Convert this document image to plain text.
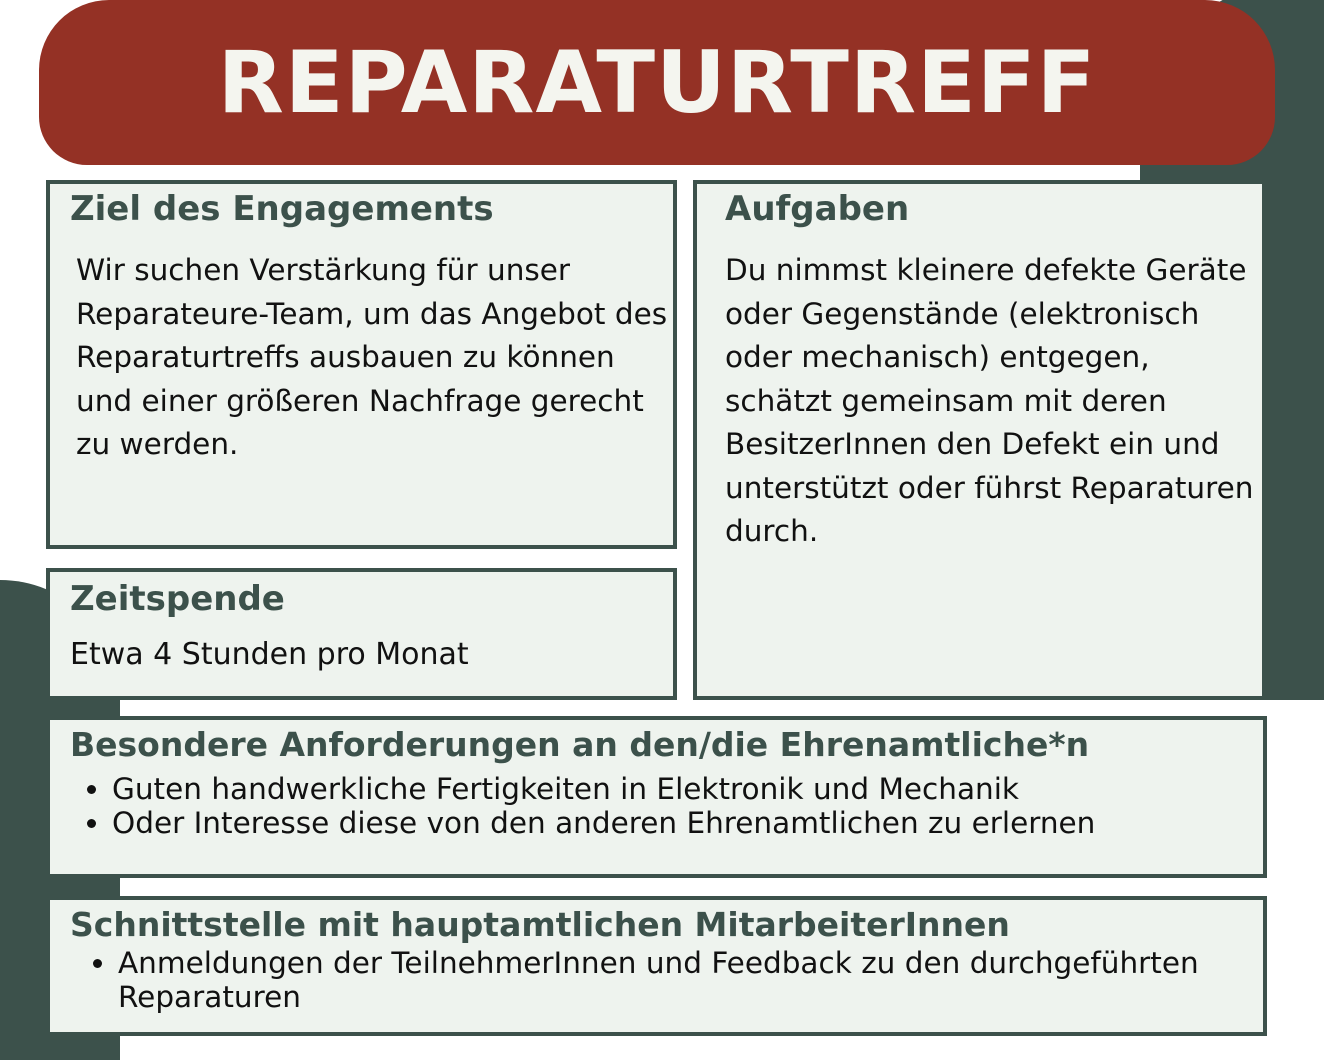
REPARATURTREFF
Ziel des Engagements

Wir suchen Verstärkung für unser Reparateure-Team, um das Angebot des Reparaturtreffs ausbauen zu können und einer größeren Nachfrage gerecht zu werden.

Aufgaben

Du nimmst kleinere defekte Geräte oder Gegenstände (elektronisch oder mechanisch) entgegen, schätzt gemeinsam mit deren BesitzerInnen den Defekt ein und unterstützt oder führst Reparaturen durch.

Zeitspende

Etwa 4 Stunden pro Monat

Besondere Anforderungen an den/die Ehrenamtliche*n
• Guten handwerkliche Fertigkeiten in Elektronik und Mechanik
• Oder Interesse diese von den anderen Ehrenamtlichen zu erlernen
Schnittstelle mit hauptamtlichen MitarbeiterInnen
• Anmeldungen der TeilnehmerInnen und Feedback zu den durchgeführten Reparaturen
